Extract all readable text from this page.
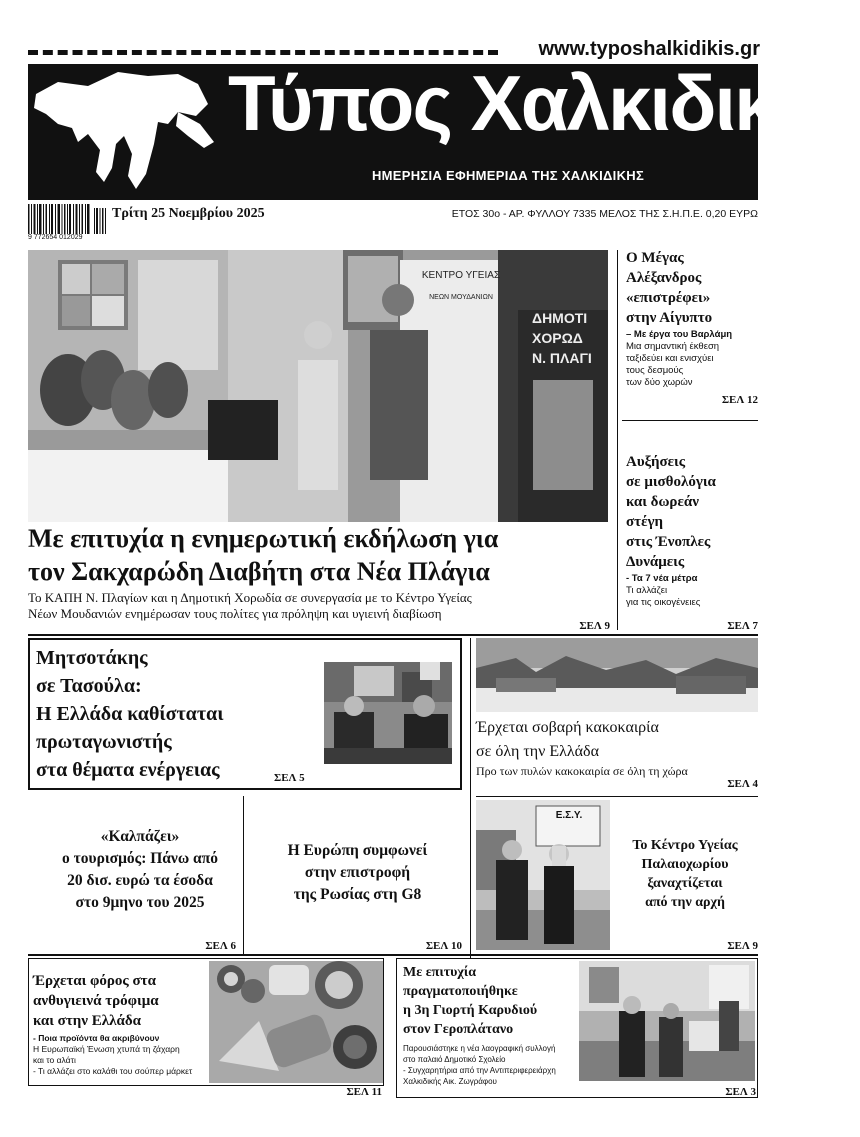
www.typoshalkidikis.gr
Τύπος Χαλκιδικής
ΗΜΕΡΗΣΙΑ ΕΦΗΜΕΡΙΔΑ ΤΗΣ ΧΑΛΚΙΔΙΚΗΣ
9 772654 012029
Τρίτη 25 Νοεμβρίου 2025	ΕΤΟΣ 30ο - ΑΡ. ΦΥΛΛΟΥ 7335 ΜΕΛΟΣ ΤΗΣ Σ.Η.Π.Ε. 0,20 ΕΥΡΩ
ΚΕΝΤΡΟ ΥΓΕΙΑΣ
ΝΕΩΝ ΜΟΥΔΑΝΙΩΝ
ΔΗΜΟΤΙ
ΧΟΡΩΔ
Ν. ΠΛΑΓΙ
Με επιτυχία η ενημερωτική εκδήλωση για
τον Σακχαρώδη Διαβήτη στα Νέα Πλάγια
Το ΚΑΠΗ Ν. Πλαγίων και η Δημοτική Χορωδία σε συνεργασία με το Κέντρο Υγείας
Νέων Μουδανιών ενημέρωσαν τους πολίτες για πρόληψη και υγιεινή διαβίωση
ΣΕΛ 9
Ο Μέγας
Αλέξανδρος
«επιστρέφει»
στην Αίγυπτο
– Με έργα του Βαρλάμη
Μια σημαντική έκθεση
ταξιδεύει και ενισχύει
τους δεσμούς
των δύο χωρών
ΣΕΛ 12
Αυξήσεις
σε μισθολόγια
και δωρεάν
στέγη
στις Ένοπλες
Δυνάμεις
- Τα 7 νέα μέτρα
Τι αλλάζει
για τις οικογένειες
ΣΕΛ 7
Μητσοτάκης
σε Τασούλα:
Η Ελλάδα καθίσταται
πρωταγωνιστής
στα θέματα ενέργειας	ΣΕΛ 5
Έρχεται σοβαρή κακοκαιρία
σε όλη την Ελλάδα
Προ των πυλών κακοκαιρία σε όλη τη χώρα
ΣΕΛ 4
«Καλπάζει»
ο τουρισμός: Πάνω από
20 δισ. ευρώ τα έσοδα
στο 9μηνο του 2025
ΣΕΛ 6
Η Ευρώπη συμφωνεί
στην επιστροφή
της Ρωσίας στη G8
ΣΕΛ 10
Ε.Σ.Υ.
Το Κέντρο Υγείας
Παλαιοχωρίου
ξαναχτίζεται
από την αρχή
ΣΕΛ 9
Έρχεται φόρος στα
ανθυγιεινά τρόφιμα
και στην Ελλάδα
- Ποια προϊόντα θα ακριβύνουν
Η Ευρωπαϊκή Ένωση χτυπά τη ζάχαρη
και το αλάτι
- Τι αλλάζει στο καλάθι του σούπερ μάρκετ
ΣΕΛ 11
Με επιτυχία
πραγματοποιήθηκε
η 3η Γιορτή Καρυδιού
στον Γεροπλάτανο
Παρουσιάστηκε η νέα λαογραφική συλλογή
στο παλαιό Δημοτικό Σχολείο
- Συγχαρητήρια από την Αντιπεριφερειάρχη
Χαλκιδικής Αικ. Ζωγράφου
ΣΕΛ 3
